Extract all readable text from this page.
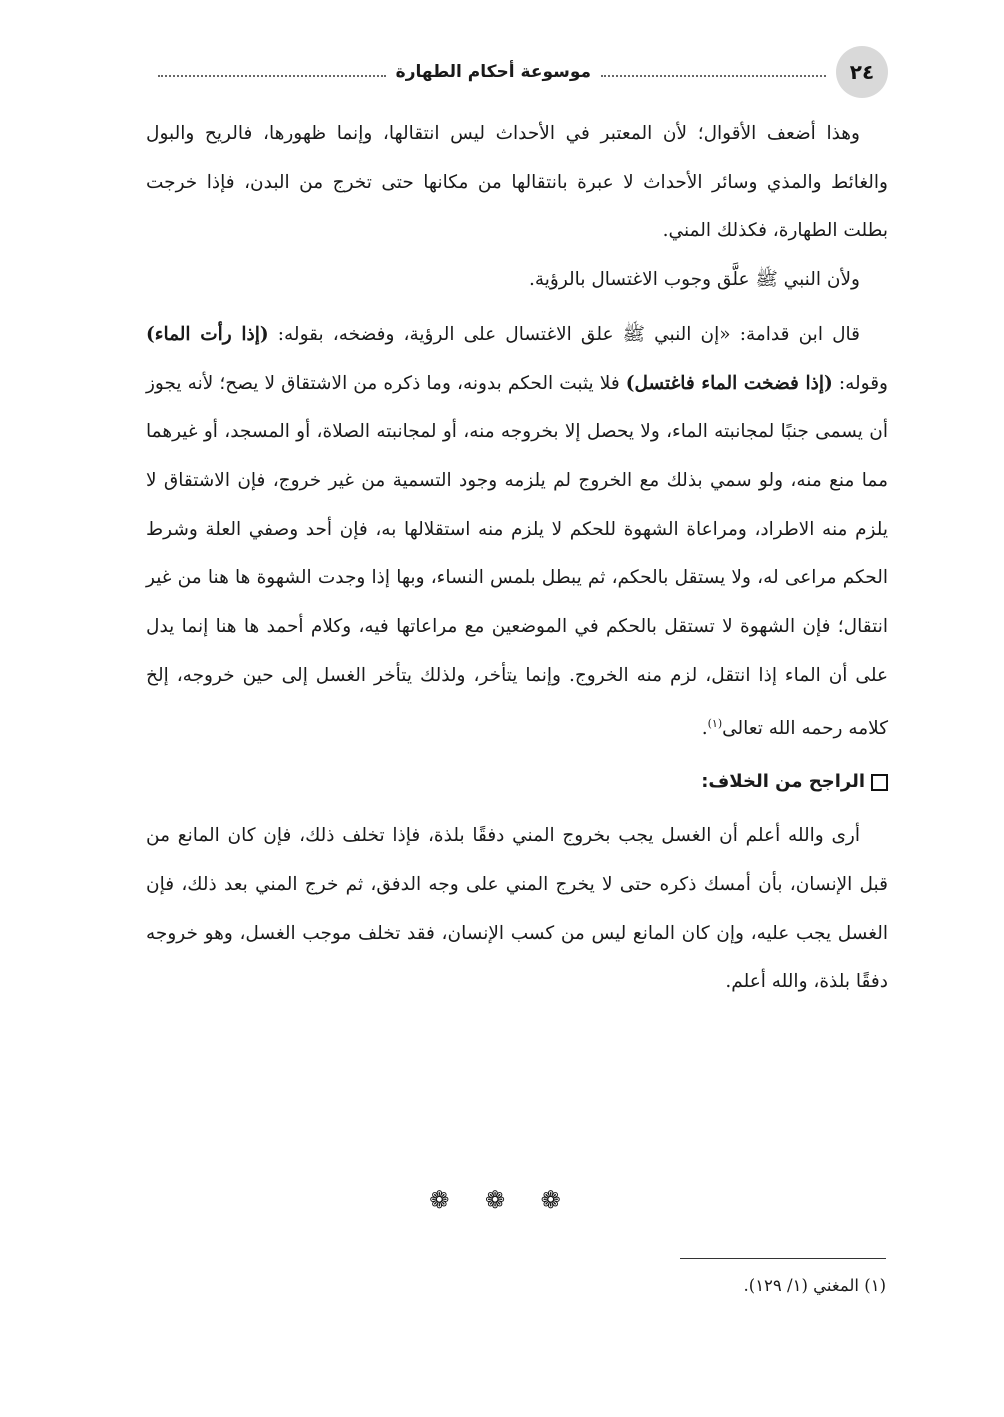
٢٤
موسوعة أحكام الطهارة

وهذا أضعف الأقوال؛ لأن المعتبر في الأحداث ليس انتقالها، وإنما ظهورها، فالريح والبول والغائط والمذي وسائر الأحداث لا عبرة بانتقالها من مكانها حتى تخرج من البدن، فإذا خرجت بطلت الطهارة، فكذلك المني.

ولأن النبي ﷺ علَّق وجوب الاغتسال بالرؤية.

قال ابن قدامة: «إن النبي ﷺ علق الاغتسال على الرؤية، وفضخه، بقوله: (إذا رأت الماء) وقوله: (إذا فضخت الماء فاغتسل) فلا يثبت الحكم بدونه، وما ذكره من الاشتقاق لا يصح؛ لأنه يجوز أن يسمى جنبًا لمجانبته الماء، ولا يحصل إلا بخروجه منه، أو لمجانبته الصلاة، أو المسجد، أو غيرهما مما منع منه، ولو سمي بذلك مع الخروج لم يلزمه وجود التسمية من غير خروج، فإن الاشتقاق لا يلزم منه الاطراد، ومراعاة الشهوة للحكم لا يلزم منه استقلالها به، فإن أحد وصفي العلة وشرط الحكم مراعى له، ولا يستقل بالحكم، ثم يبطل بلمس النساء، وبها إذا وجدت الشهوة ها هنا من غير انتقال؛ فإن الشهوة لا تستقل بالحكم في الموضعين مع مراعاتها فيه، وكلام أحمد ها هنا إنما يدل على أن الماء إذا انتقل، لزم منه الخروج. وإنما يتأخر، ولذلك يتأخر الغسل إلى حين خروجه، إلخ كلامه رحمه الله تعالى$^{(١)}$.

الراجح من الخلاف:

أرى والله أعلم أن الغسل يجب بخروج المني دفقًا بلذة، فإذا تخلف ذلك، فإن كان المانع من قبل الإنسان، بأن أمسك ذكره حتى لا يخرج المني على وجه الدفق، ثم خرج المني بعد ذلك، فإن الغسل يجب عليه، وإن كان المانع ليس من كسب الإنسان، فقد تخلف موجب الغسل، وهو خروجه دفقًا بلذة، والله أعلم.

❁ ❁ ❁
(١) المغني (١/ ١٢٩).
